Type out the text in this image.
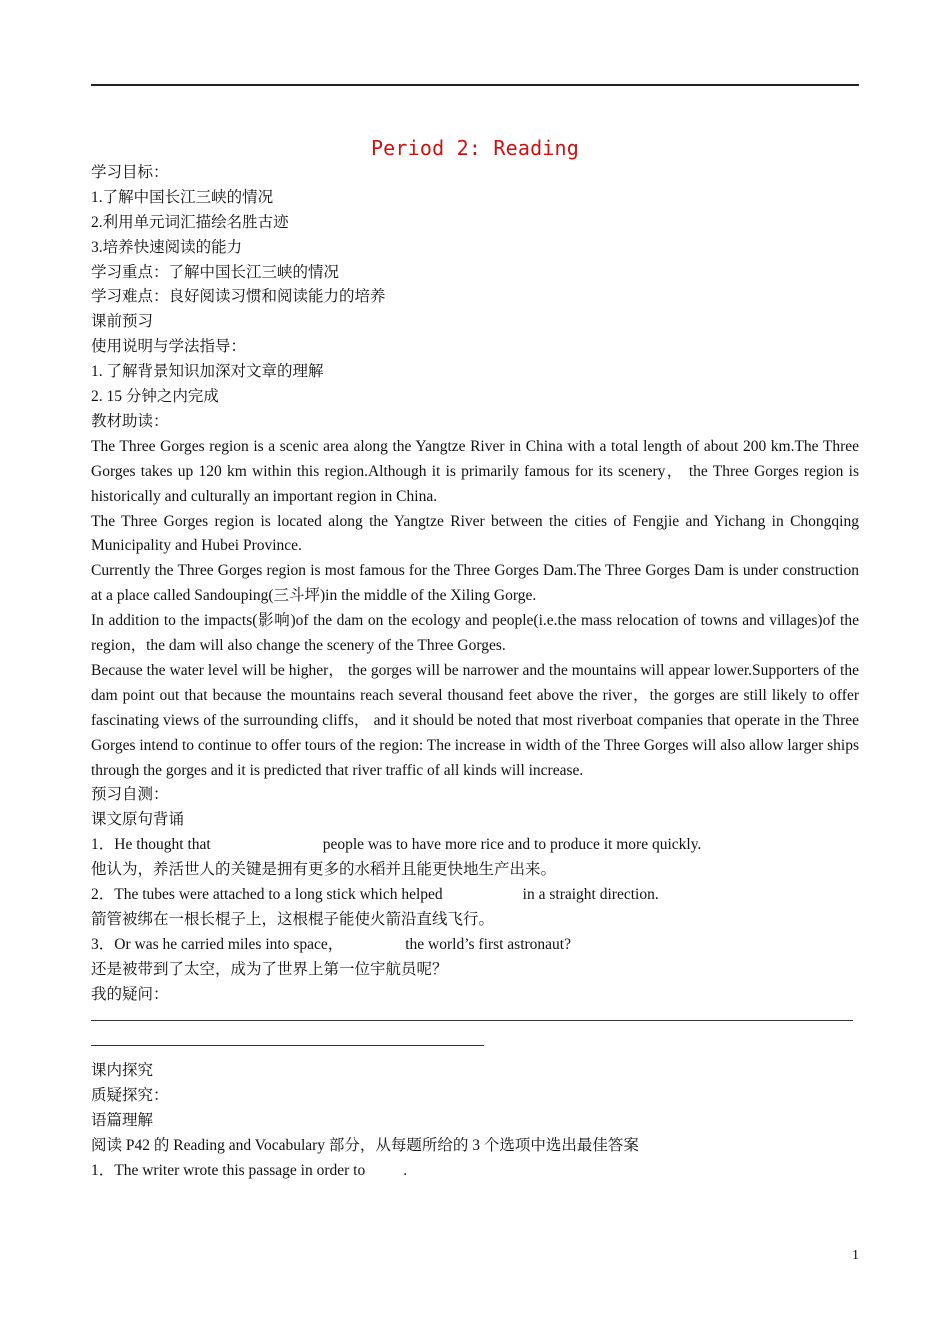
Period 2: Reading
学习目标：
1.了解中国长江三峡的情况
2.利用单元词汇描绘名胜古迹
3.培养快速阅读的能力
学习重点：了解中国长江三峡的情况
学习难点：良好阅读习惯和阅读能力的培养
课前预习
使用说明与学法指导：
1. 了解背景知识加深对文章的理解
2. 15 分钟之内完成
教材助读：
The Three Gorges region is a scenic area along the Yangtze River in China with a total length of about 200 km.The Three Gorges takes up 120 km within this region.Although it is primarily famous for its scenery， the Three Gorges region is historically and culturally an important region in China.
The Three Gorges region is located along the Yangtze River between the cities of Fengjie and Yichang in Chongqing Municipality and Hubei Province.
Currently the Three Gorges region is most famous for the Three Gorges Dam.The Three Gorges Dam is under construction at a place called Sandouping(三斗坪)in the middle of the Xiling Gorge.
In addition to the impacts(影响)of the dam on the ecology and people(i.e.the mass relocation of towns and villages)of the region，the dam will also change the scenery of the Three Gorges.
Because the water level will be higher， the gorges will be narrower and the mountains will appear lower.Supporters of the dam point out that because the mountains reach several thousand feet above the river，the gorges are still likely to offer fascinating views of the surrounding cliffs， and it should be noted that most riverboat companies that operate in the Three Gorges intend to continue to offer tours of the region: The increase in width of the Three Gorges will also allow larger ships through the gorges and it is predicted that river traffic of all kinds will increase.
预习自测：
课文原句背诵
1．He thought that	people was to have more rice and to produce it more quickly.
他认为，养活世人的关键是拥有更多的水稻并且能更快地生产出来。
2．The tubes were attached to a long stick which helped	in a straight direction.
箭管被绑在一根长棍子上，这根棍子能使火箭沿直线飞行。
3．Or was he carried miles into space，	the world’s first astronaut?
还是被带到了太空，成为了世界上第一位宇航员呢？
我的疑问：
课内探究
质疑探究：
语篇理解
阅读 P42 的 Reading and Vocabulary 部分，从每题所给的 3 个选项中选出最佳答案
1．The writer wrote this passage in order to .
1
